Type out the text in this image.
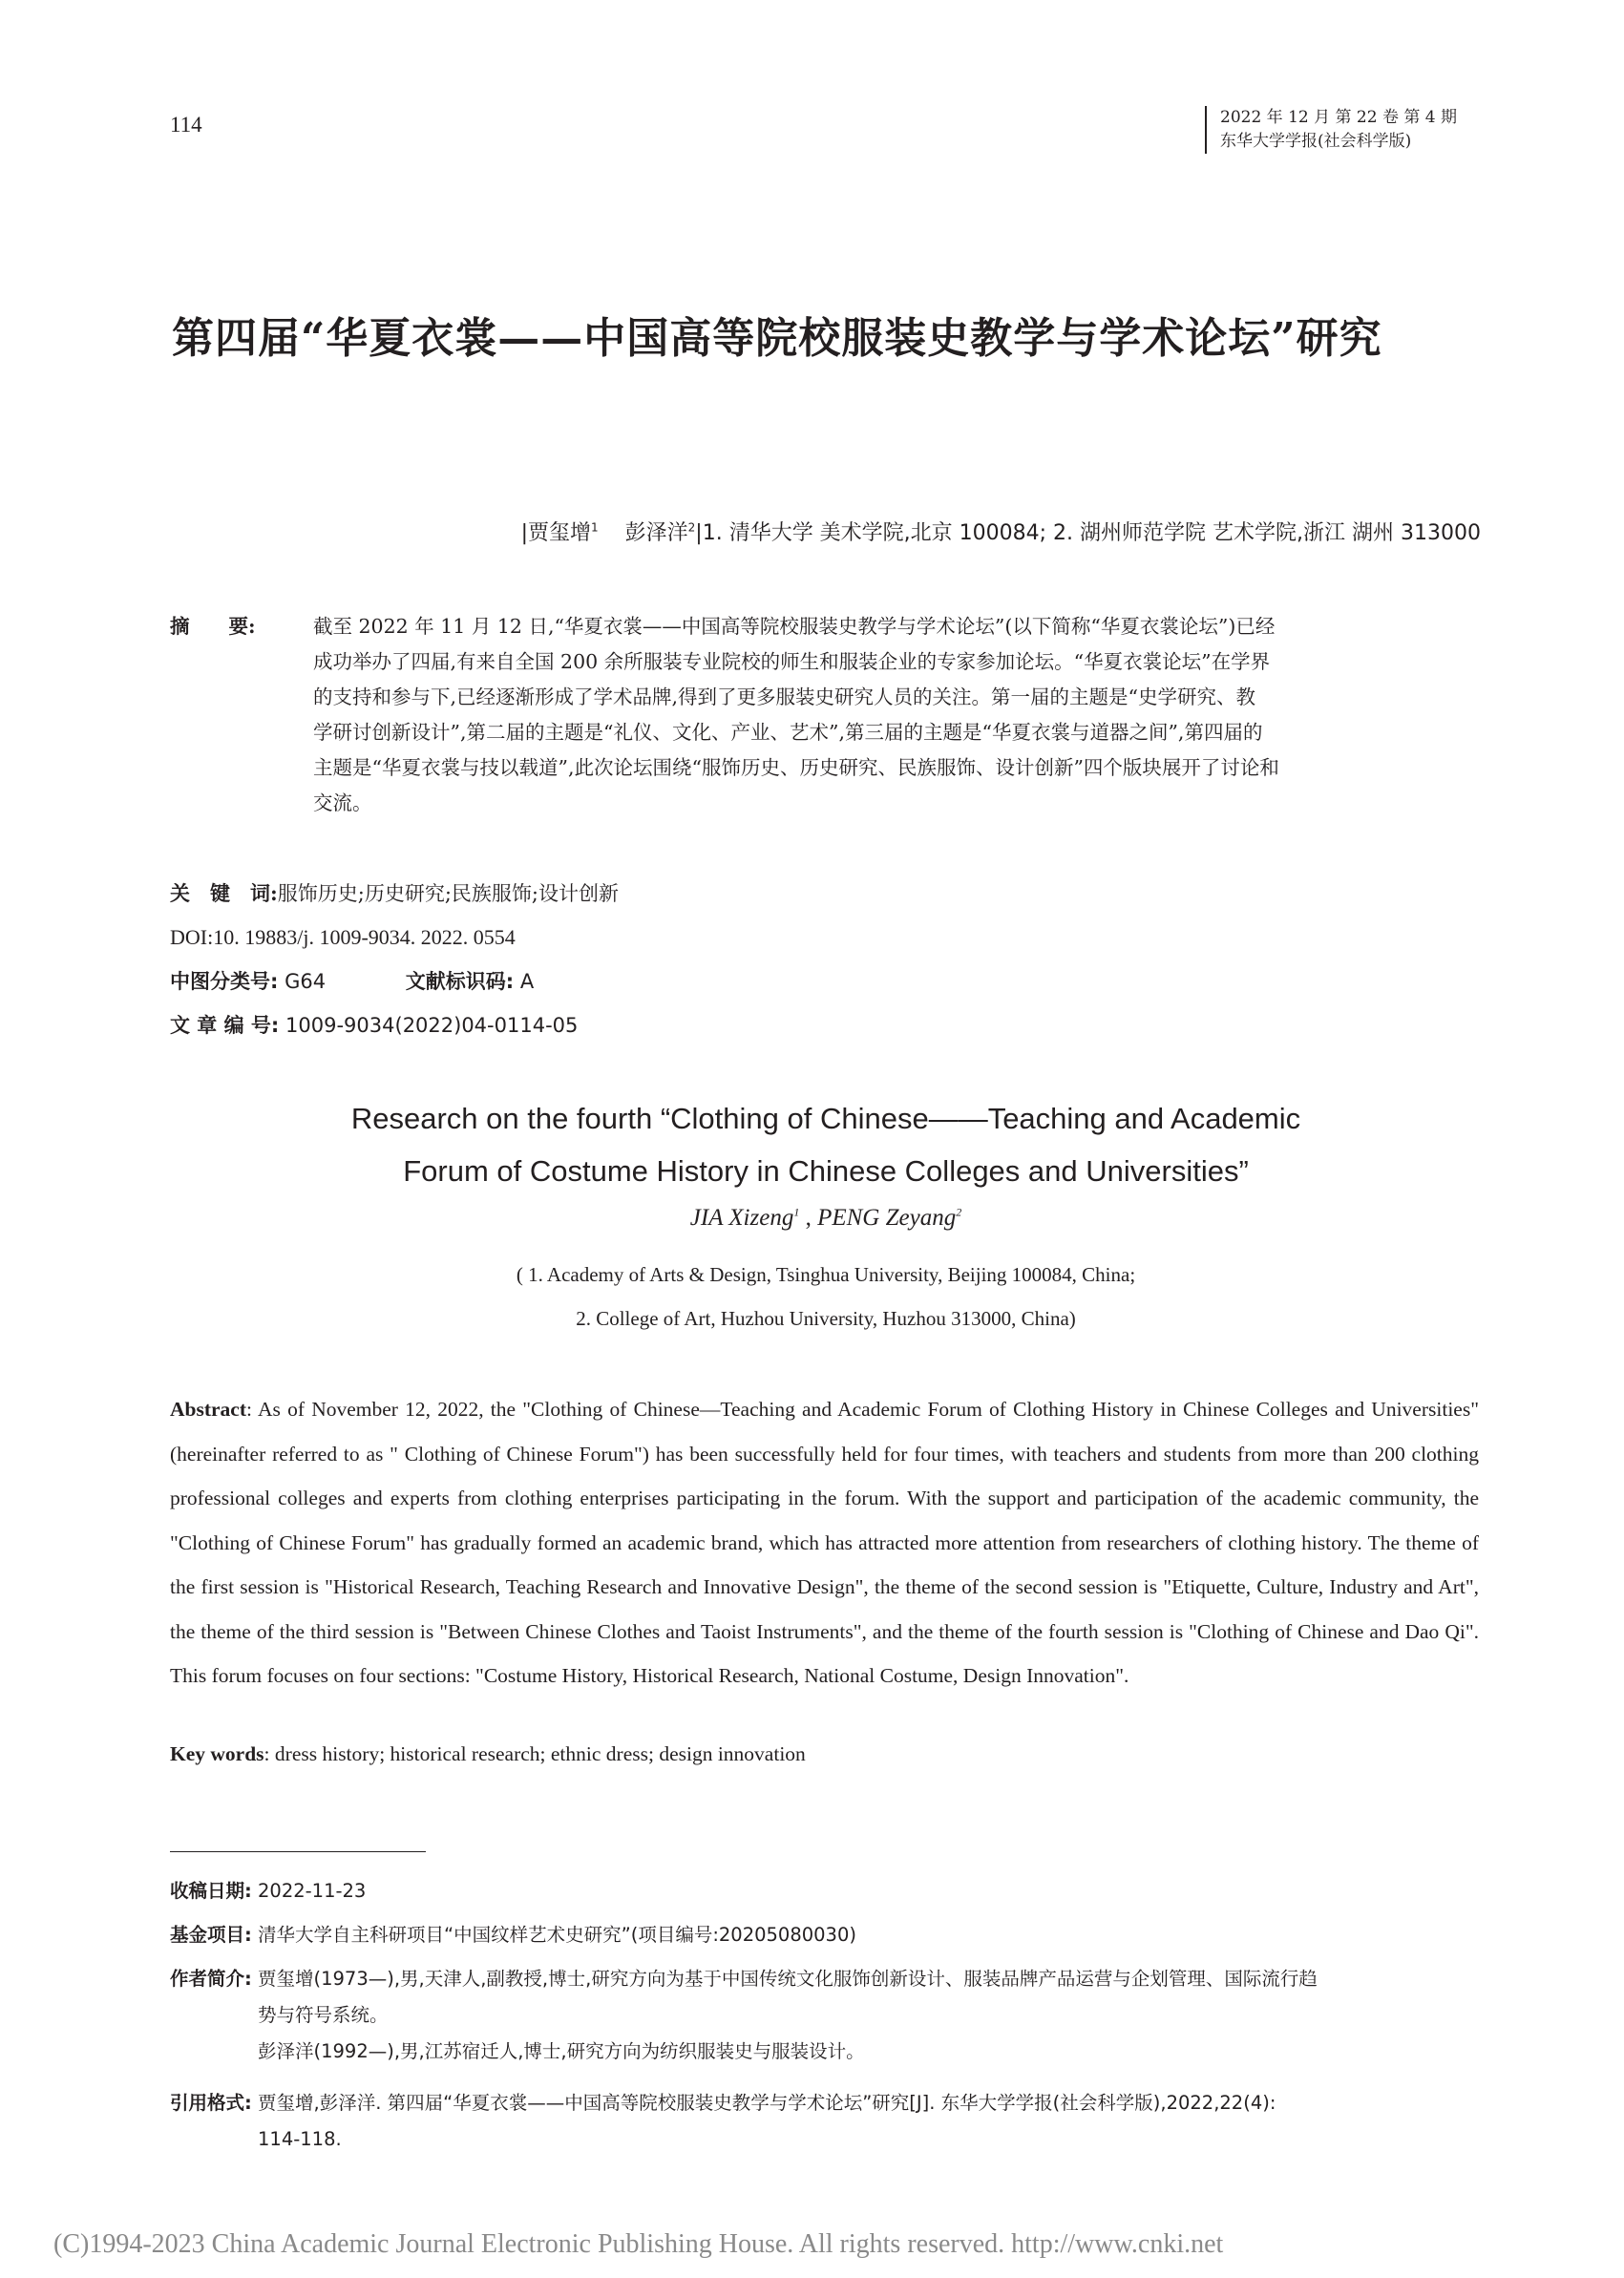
114	2022 年 12 月 第 22 卷 第 4 期
东华大学学报(社会科学版)
第四届“华夏衣裳——中国高等院校服装史教学与学术论坛”研究
|贾玺增$^1$ 彭泽洋$^2$|1. 清华大学 美术学院,北京 100084; 2. 湖州师范学院 艺术学院,浙江 湖州 313000
摘　　要:	截至 2022 年 11 月 12 日,“华夏衣裳——中国高等院校服装史教学与学术论坛”(以下简称“华夏衣裳论坛”)已经
成功举办了四届,有来自全国 200 余所服装专业院校的师生和服装企业的专家参加论坛。“华夏衣裳论坛”在学界
的支持和参与下,已经逐渐形成了学术品牌,得到了更多服装史研究人员的关注。第一届的主题是“史学研究、教
学研讨创新设计”,第二届的主题是“礼仪、文化、产业、艺术”,第三届的主题是“华夏衣裳与道器之间”,第四届的
主题是“华夏衣裳与技以载道”,此次论坛围绕“服饰历史、历史研究、民族服饰、设计创新”四个版块展开了讨论和
交流。
关　键　词:服饰历史;历史研究;民族服饰;设计创新
DOI:10. 19883/j. 1009-9034. 2022. 0554
中图分类号: G64	文献标识码: A
文 章 编 号: 1009-9034(2022)04-0114-05
Research on the fourth “Clothing of Chinese——Teaching and Academic
Forum of Costume History in Chinese Colleges and Universities”
JIA Xizeng$^1$ , PENG Zeyang$^2$
( 1. Academy of Arts & Design, Tsinghua University, Beijing 100084, China;
2. College of Art, Huzhou University, Huzhou 313000, China)
Abstract: As of November 12, 2022, the "Clothing of Chinese—Teaching and Academic Forum of Clothing History in Chinese Colleges and Universities" (hereinafter referred to as " Clothing of Chinese Forum") has been successfully held for four times, with teachers and students from more than 200 clothing professional colleges and experts from clothing enterprises participating in the forum. With the support and participation of the academic community, the "Clothing of Chinese Forum" has gradually formed an academic brand, which has attracted more attention from researchers of clothing history. The theme of the first session is "Historical Research, Teaching Research and Innovative Design", the theme of the second session is "Etiquette, Culture, Industry and Art", the theme of the third session is "Between Chinese Clothes and Taoist Instruments", and the theme of the fourth session is "Clothing of Chinese and Dao Qi". This forum focuses on four sections: "Costume History, Historical Research, National Costume, Design Innovation".
Key words: dress history; historical research; ethnic dress; design innovation
收稿日期: 2022-11-23
基金项目: 清华大学自主科研项目“中国纹样艺术史研究”(项目编号:20205080030)
作者简介: 贾玺增(1973—),男,天津人,副教授,博士,研究方向为基于中国传统文化服饰创新设计、服装品牌产品运营与企划管理、国际流行趋
势与符号系统。
彭泽洋(1992—),男,江苏宿迁人,博士,研究方向为纺织服装史与服装设计。
引用格式: 贾玺增,彭泽洋. 第四届“华夏衣裳——中国高等院校服装史教学与学术论坛”研究[J]. 东华大学学报(社会科学版),2022,22(4):
114-118.
(C)1994-2023 China Academic Journal Electronic Publishing House. All rights reserved. http://www.cnki.net
